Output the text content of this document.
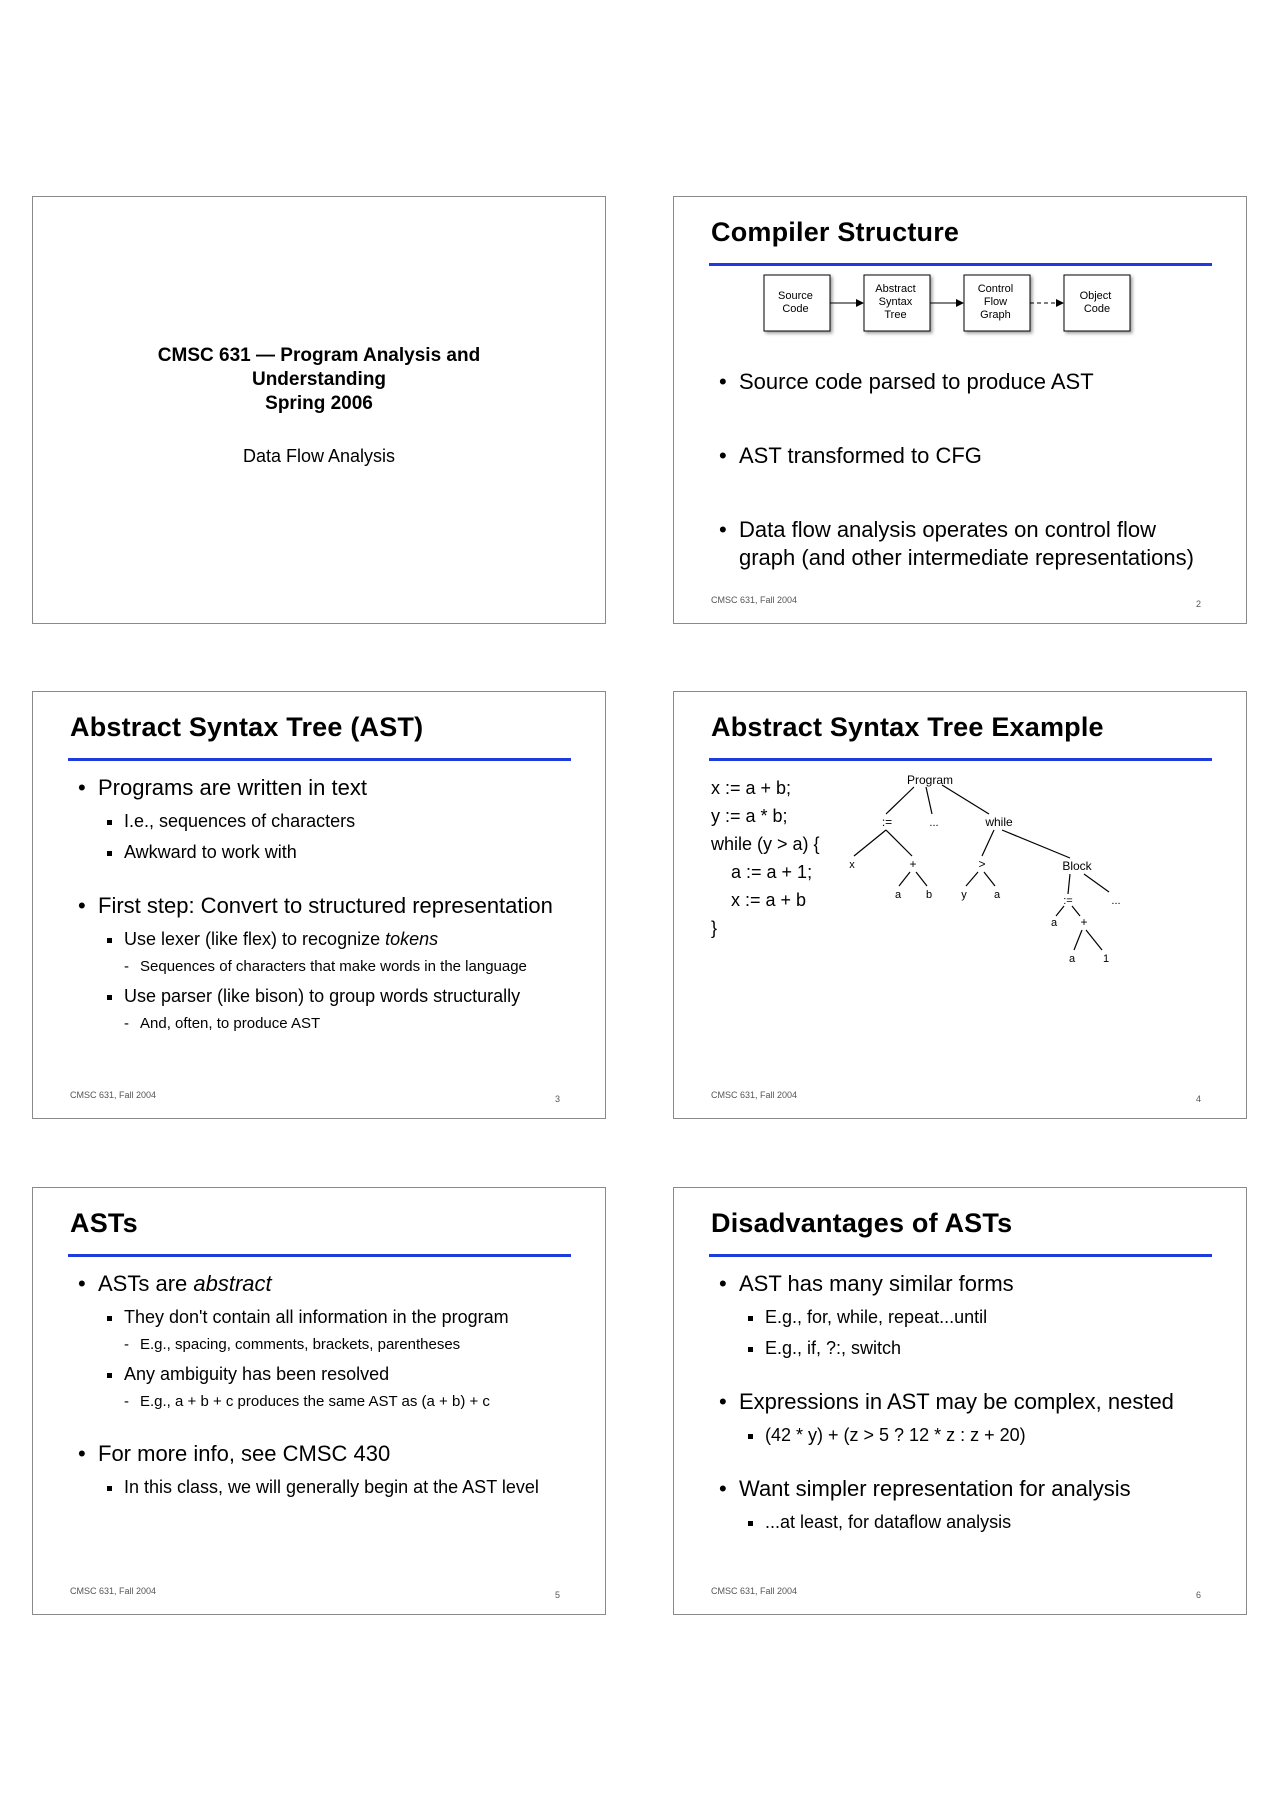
CMSC 631 — Program Analysis and
Understanding
Spring 2006
Data Flow Analysis
Compiler Structure
Source Code Abstract Syntax Tree Control Flow Graph Object Code
• Source code parsed to produce AST
• AST transformed to CFG
• Data flow analysis operates on control flow graph (and other intermediate representations)
CMSC 631, Fall 2004	2
Abstract Syntax Tree (AST)
• Programs are written in text
I.e., sequences of characters
Awkward to work with
• First step: Convert to structured representation
Use lexer (like flex) to recognize tokens
- Sequences of characters that make words in the language
Use parser (like bison) to group words structurally
- And, often, to produce AST
CMSC 631, Fall 2004	3
Abstract Syntax Tree Example
x := a + b;
y := a * b;
while (y > a) {
a := a + 1;
x := a + b
}
Program
:=	...	while
x	+	>	Block
a b	y a	:=	...
a +
a	1
CMSC 631, Fall 2004	4
ASTs
• ASTs are abstract
They don't contain all information in the program
- E.g., spacing, comments, brackets, parentheses
Any ambiguity has been resolved
- E.g., a + b + c produces the same AST as (a + b) + c
• For more info, see CMSC 430
In this class, we will generally begin at the AST level
CMSC 631, Fall 2004	5
Disadvantages of ASTs
• AST has many similar forms
E.g., for, while, repeat...until
E.g., if, ?:, switch
• Expressions in AST may be complex, nested
(42 * y) + (z > 5 ? 12 * z : z + 20)
• Want simpler representation for analysis
...at least, for dataflow analysis
CMSC 631, Fall 2004	6
